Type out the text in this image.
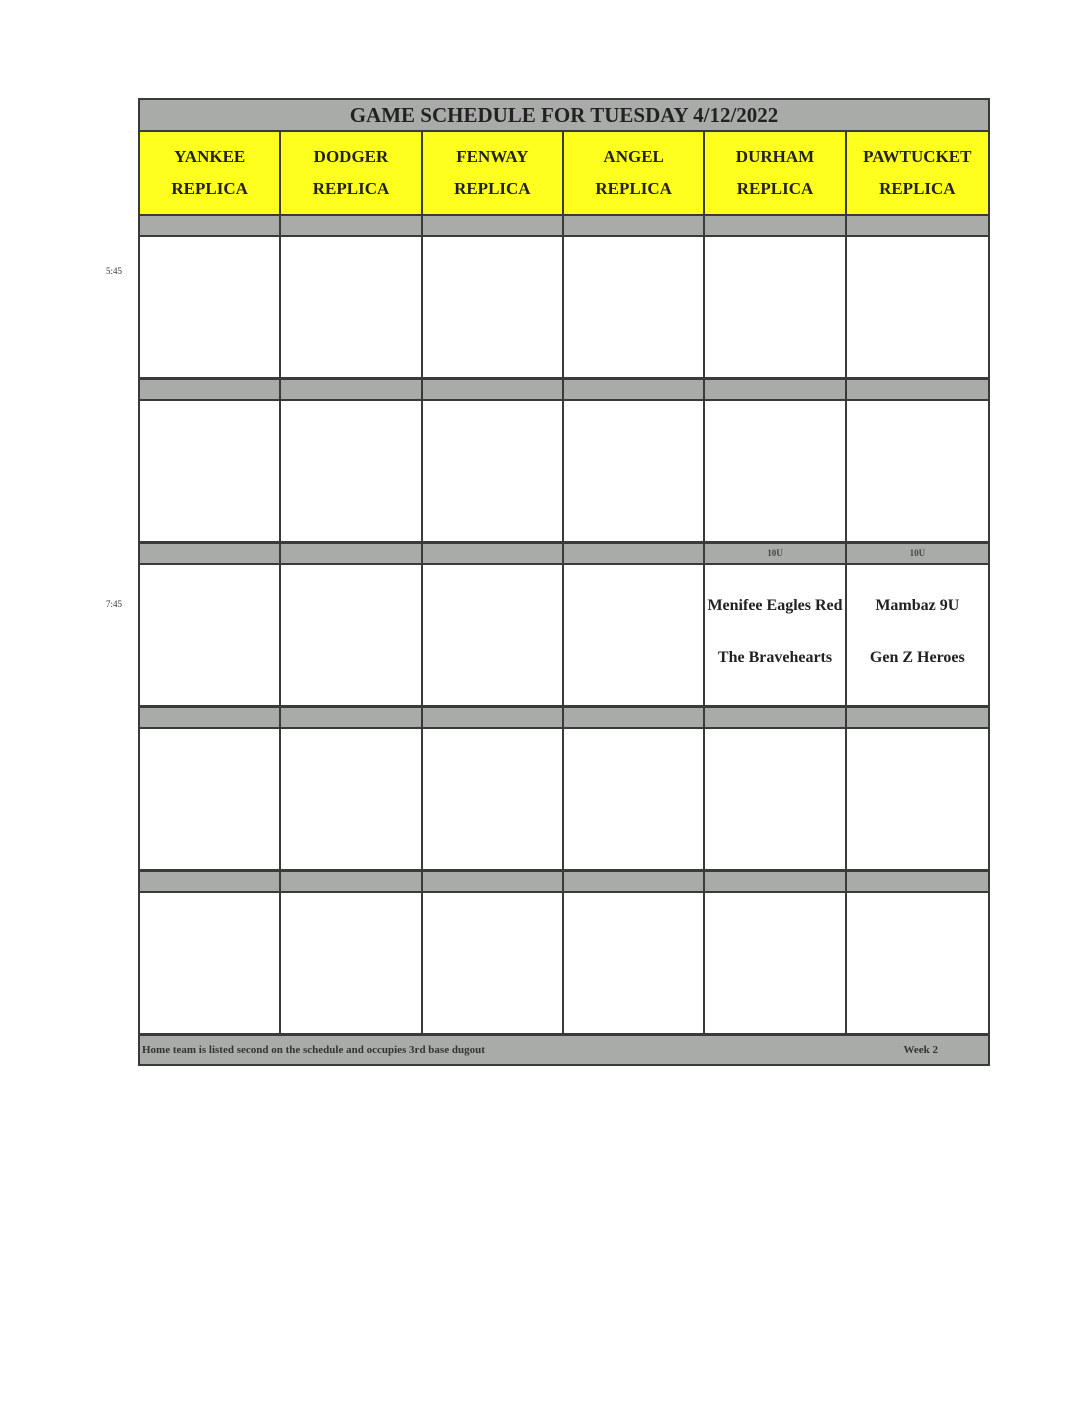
5:45
7:45
GAME SCHEDULE FOR TUESDAY 4/12/2022
YANKEE
REPLICA
DODGER
REPLICA
FENWAY
REPLICA
ANGEL
REPLICA
DURHAM
REPLICA
PAWTUCKET
REPLICA
10U	10U
Menifee Eagles Red
The Bravehearts
Mambaz 9U
Gen Z Heroes
Home team is listed second on the schedule and occupies 3rd base dugout	Week 2
